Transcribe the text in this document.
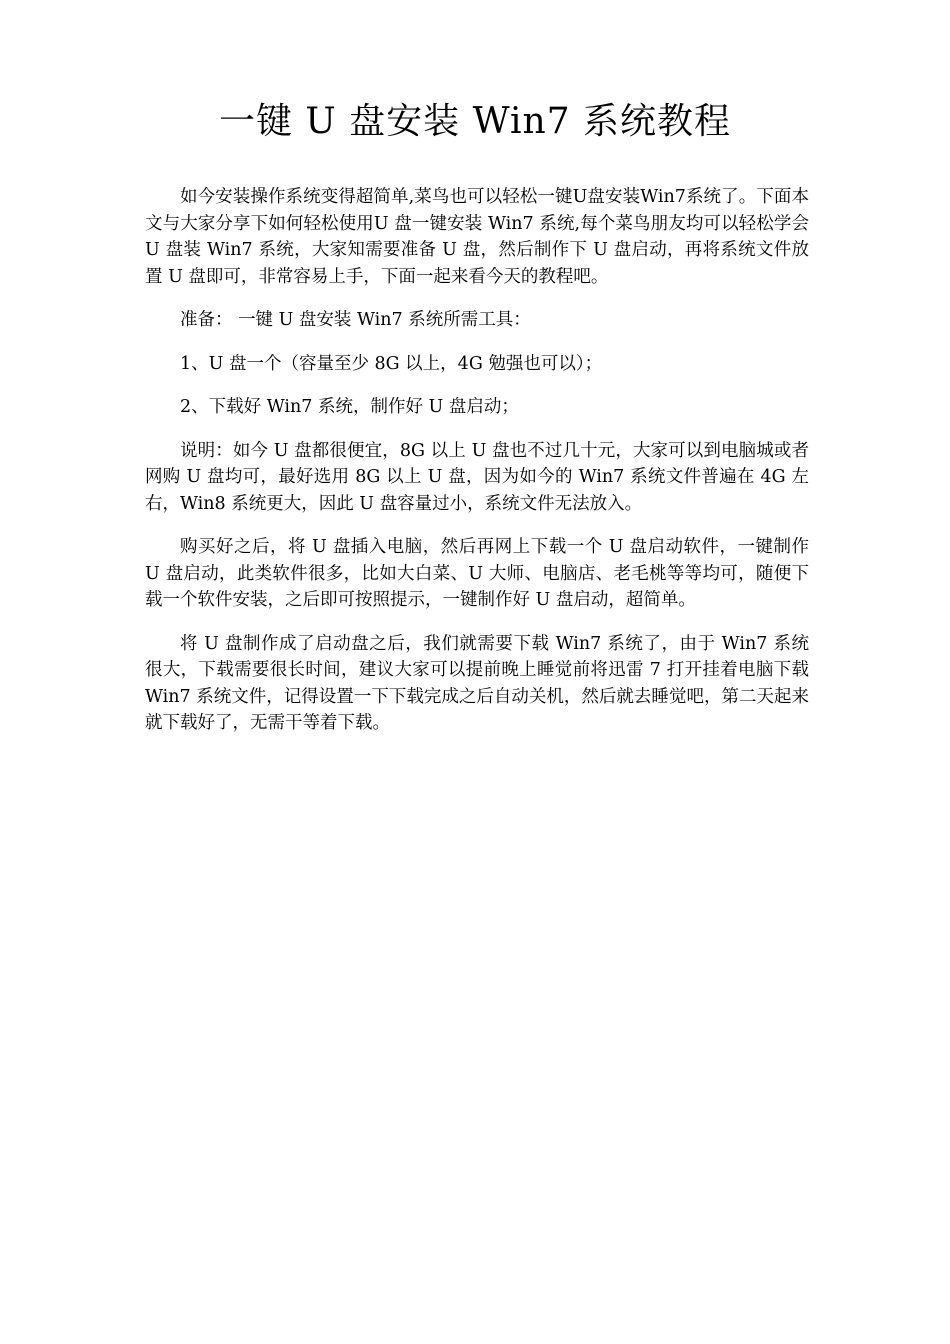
一键 U 盘安装 Win7 系统教程

如今安装操作系统变得超简单,菜鸟也可以轻松一键U盘安装Win7系统了。下面本文与大家分享下如何轻松使用U 盘一键安装 Win7 系统,每个菜鸟朋友均可以轻松学会 U 盘装 Win7 系统，大家知需要准备 U 盘，然后制作下 U 盘启动，再将系统文件放置 U 盘即可，非常容易上手，下面一起来看今天的教程吧。

准备： 一键 U 盘安装 Win7 系统所需工具：

1、U 盘一个（容量至少 8G 以上，4G 勉强也可以）；

2、下载好 Win7 系统，制作好 U 盘启动；

说明：如今 U 盘都很便宜，8G 以上 U 盘也不过几十元，大家可以到电脑城或者网购 U 盘均可，最好选用 8G 以上 U 盘，因为如今的 Win7 系统文件普遍在 4G 左右，Win8 系统更大，因此 U 盘容量过小，系统文件无法放入。

购买好之后，将 U 盘插入电脑，然后再网上下载一个 U 盘启动软件，一键制作 U 盘启动，此类软件很多，比如大白菜、U 大师、电脑店、老毛桃等等均可，随便下载一个软件安装，之后即可按照提示，一键制作好 U 盘启动，超简单。

将 U 盘制作成了启动盘之后，我们就需要下载 Win7 系统了，由于 Win7 系统很大，下载需要很长时间，建议大家可以提前晚上睡觉前将迅雷 7 打开挂着电脑下载 Win7 系统文件，记得设置一下下载完成之后自动关机，然后就去睡觉吧，第二天起来就下载好了，无需干等着下载。
